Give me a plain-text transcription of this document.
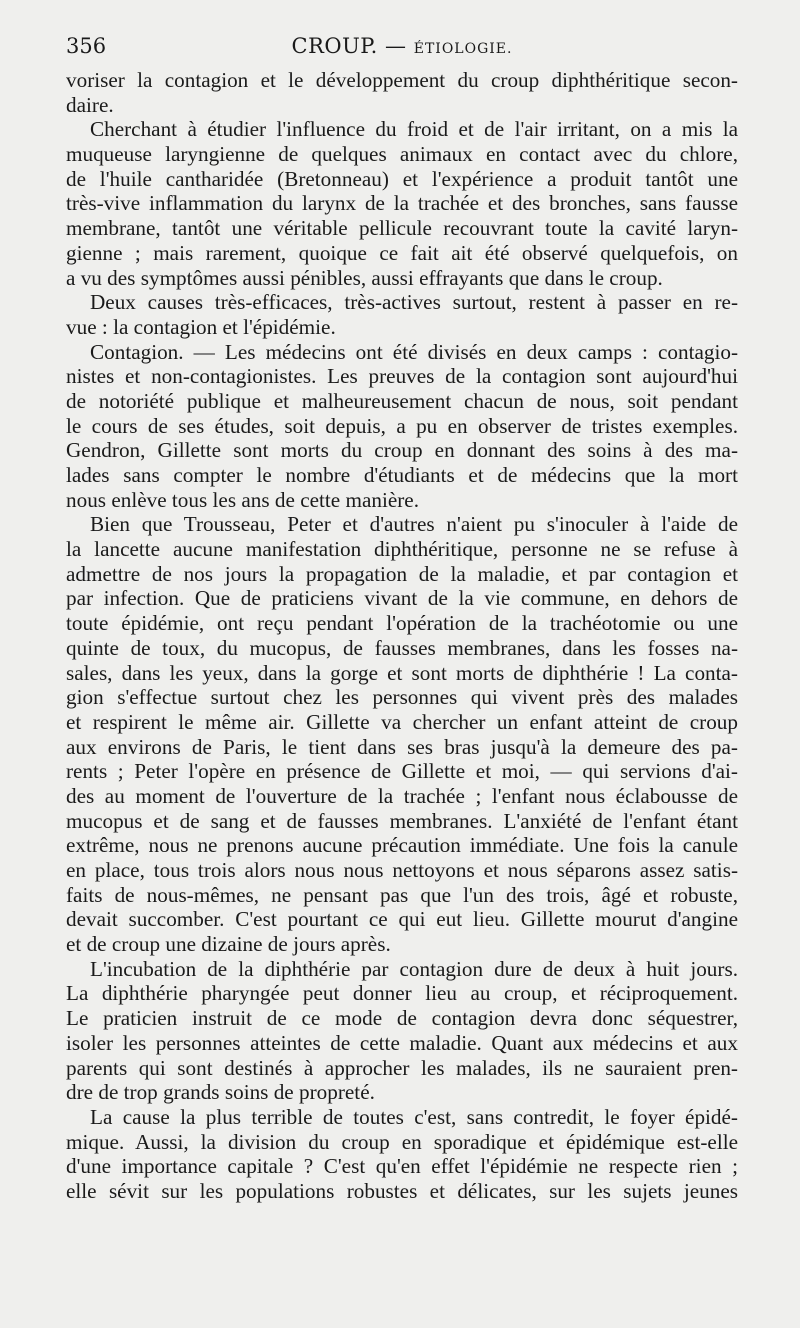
356	CROUP. — ÉTIOLOGIE.
voriser la contagion et le développement du croup diphthéritique secon-
daire.
Cherchant à étudier l'influence du froid et de l'air irritant, on a mis la
muqueuse laryngienne de quelques animaux en contact avec du chlore,
de l'huile cantharidée (Bretonneau) et l'expérience a produit tantôt une
très-vive inflammation du larynx de la trachée et des bronches, sans fausse
membrane, tantôt une véritable pellicule recouvrant toute la cavité laryn-
gienne ; mais rarement, quoique ce fait ait été observé quelquefois, on
a vu des symptômes aussi pénibles, aussi effrayants que dans le croup.
Deux causes très-efficaces, très-actives surtout, restent à passer en re-
vue : la contagion et l'épidémie.
Contagion. — Les médecins ont été divisés en deux camps : contagio-
nistes et non-contagionistes. Les preuves de la contagion sont aujourd'hui
de notoriété publique et malheureusement chacun de nous, soit pendant
le cours de ses études, soit depuis, a pu en observer de tristes exemples.
Gendron, Gillette sont morts du croup en donnant des soins à des ma-
lades sans compter le nombre d'étudiants et de médecins que la mort
nous enlève tous les ans de cette manière.
Bien que Trousseau, Peter et d'autres n'aient pu s'inoculer à l'aide de
la lancette aucune manifestation diphthéritique, personne ne se refuse à
admettre de nos jours la propagation de la maladie, et par contagion et
par infection. Que de praticiens vivant de la vie commune, en dehors de
toute épidémie, ont reçu pendant l'opération de la trachéotomie ou une
quinte de toux, du mucopus, de fausses membranes, dans les fosses na-
sales, dans les yeux, dans la gorge et sont morts de diphthérie ! La conta-
gion s'effectue surtout chez les personnes qui vivent près des malades
et respirent le même air. Gillette va chercher un enfant atteint de croup
aux environs de Paris, le tient dans ses bras jusqu'à la demeure des pa-
rents ; Peter l'opère en présence de Gillette et moi, — qui servions d'ai-
des au moment de l'ouverture de la trachée ; l'enfant nous éclabousse de
mucopus et de sang et de fausses membranes. L'anxiété de l'enfant étant
extrême, nous ne prenons aucune précaution immédiate. Une fois la canule
en place, tous trois alors nous nous nettoyons et nous séparons assez satis-
faits de nous-mêmes, ne pensant pas que l'un des trois, âgé et robuste,
devait succomber. C'est pourtant ce qui eut lieu. Gillette mourut d'angine
et de croup une dizaine de jours après.
L'incubation de la diphthérie par contagion dure de deux à huit jours.
La diphthérie pharyngée peut donner lieu au croup, et réciproquement.
Le praticien instruit de ce mode de contagion devra donc séquestrer,
isoler les personnes atteintes de cette maladie. Quant aux médecins et aux
parents qui sont destinés à approcher les malades, ils ne sauraient pren-
dre de trop grands soins de propreté.
La cause la plus terrible de toutes c'est, sans contredit, le foyer épidé-
mique. Aussi, la division du croup en sporadique et épidémique est-elle
d'une importance capitale ? C'est qu'en effet l'épidémie ne respecte rien ;
elle sévit sur les populations robustes et délicates, sur les sujets jeunes
